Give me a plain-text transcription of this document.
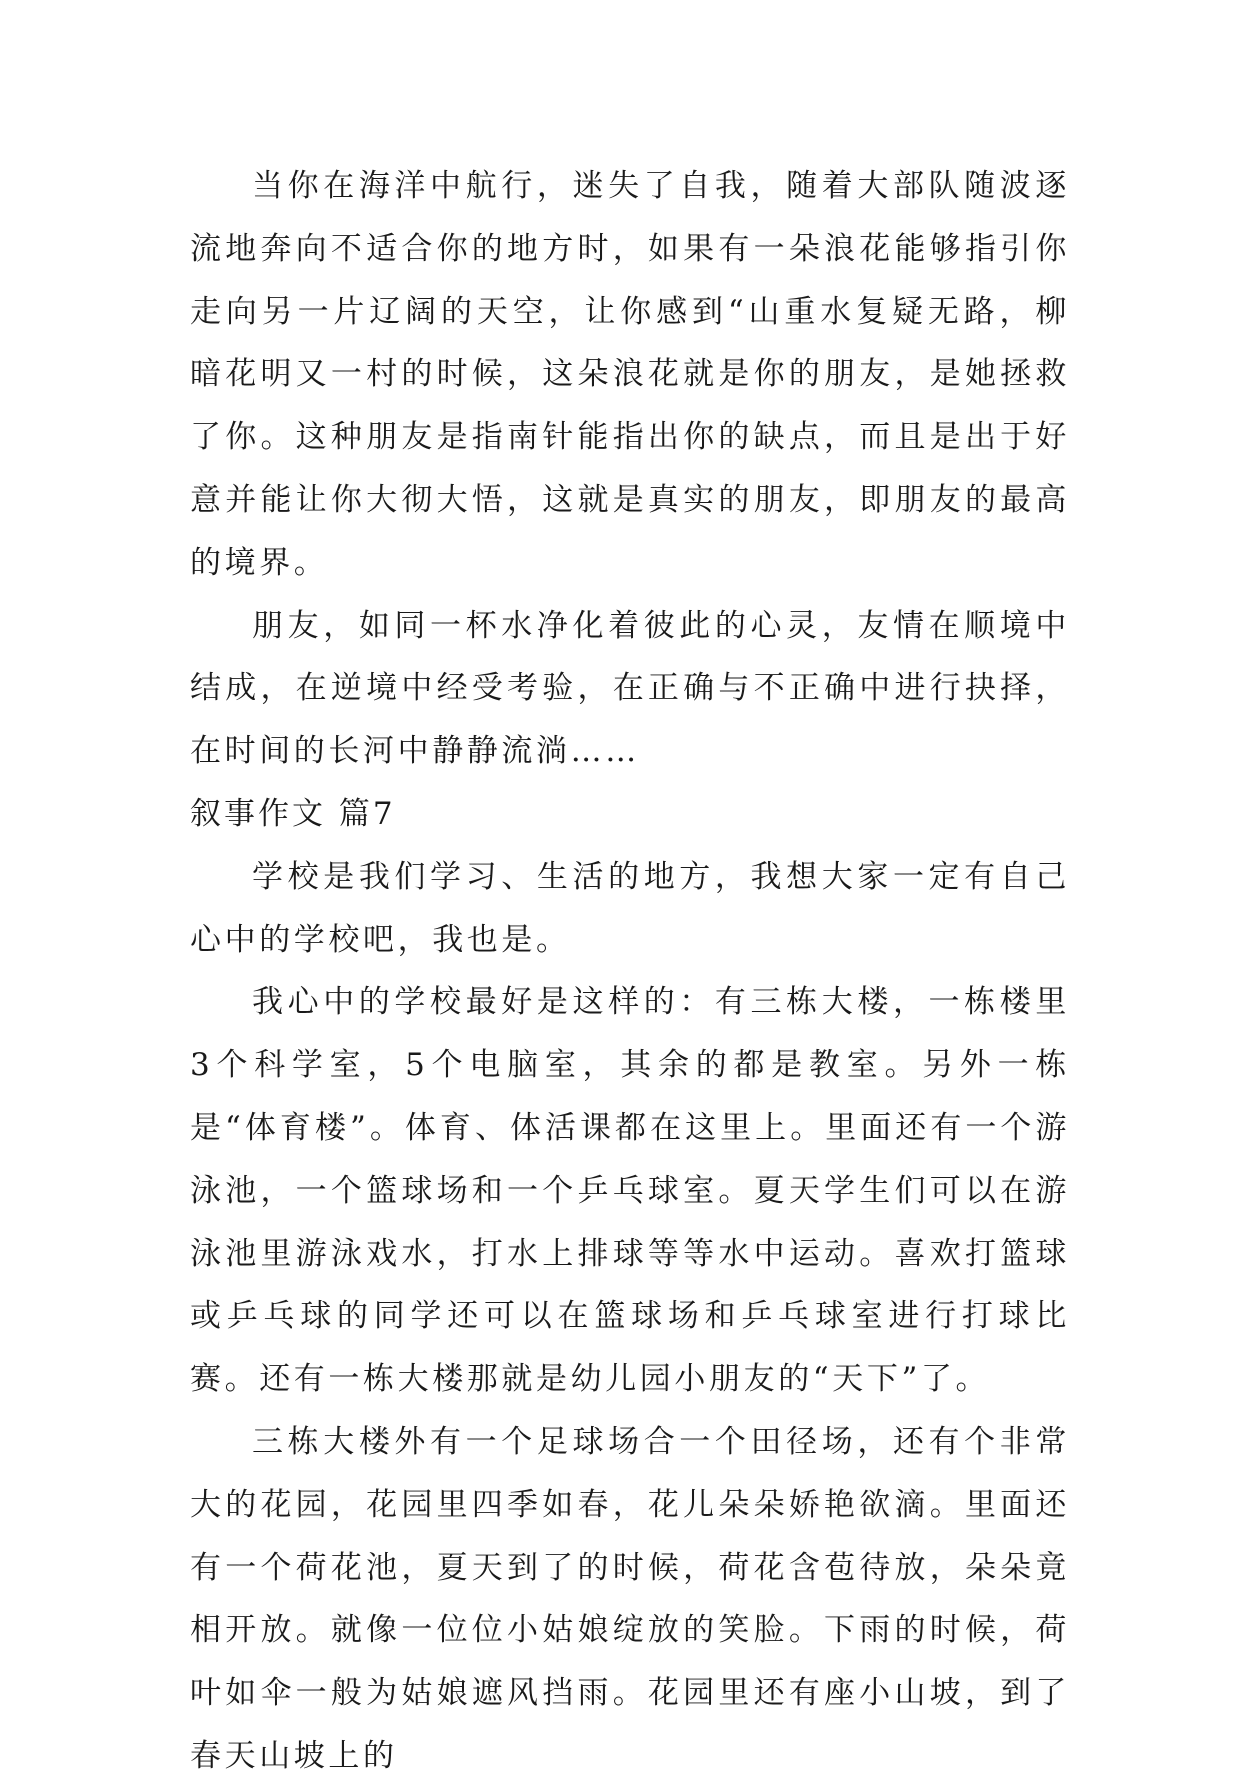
当你在海洋中航行，迷失了自我，随着大部队随波逐流地奔向不适合你的地方时，如果有一朵浪花能够指引你走向另一片辽阔的天空，让你感到“山重水复疑无路，柳暗花明又一村的时候，这朵浪花就是你的朋友，是她拯救了你。这种朋友是指南针能指出你的缺点，而且是出于好意并能让你大彻大悟，这就是真实的朋友，即朋友的最高的境界。

朋友，如同一杯水净化着彼此的心灵，友情在顺境中结成，在逆境中经受考验，在正确与不正确中进行抉择，在时间的长河中静静流淌……

叙事作文 篇7

学校是我们学习、生活的地方，我想大家一定有自己心中的学校吧，我也是。

我心中的学校最好是这样的：有三栋大楼，一栋楼里3个科学室，5个电脑室，其余的都是教室。另外一栋是“体育楼”。体育、体活课都在这里上。里面还有一个游泳池，一个篮球场和一个乒乓球室。夏天学生们可以在游泳池里游泳戏水，打水上排球等等水中运动。喜欢打篮球或乒乓球的同学还可以在篮球场和乒乓球室进行打球比赛。还有一栋大楼那就是幼儿园小朋友的“天下”了。

三栋大楼外有一个足球场合一个田径场，还有个非常大的花园，花园里四季如春，花儿朵朵娇艳欲滴。里面还有一个荷花池，夏天到了的时候，荷花含苞待放，朵朵竟相开放。就像一位位小姑娘绽放的笑脸。下雨的时候，荷叶如伞一般为姑娘遮风挡雨。花园里还有座小山坡，到了春天山坡上的
